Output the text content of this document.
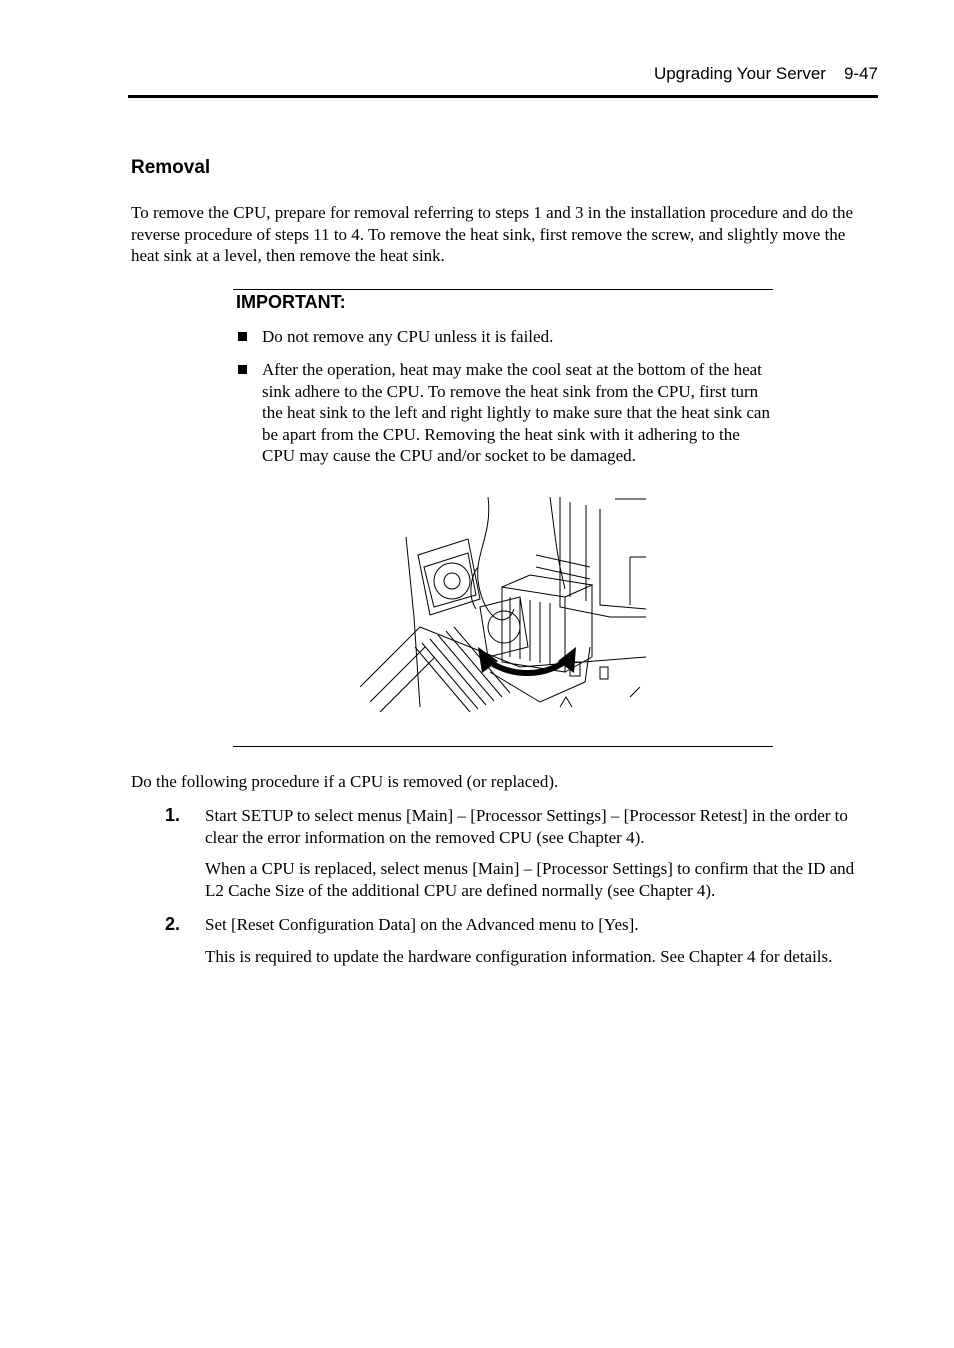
Upgrading Your Server 9-47
Removal

To remove the CPU, prepare for removal referring to steps 1 and 3 in the installation procedure and do the reverse procedure of steps 11 to 4. To remove the heat sink, first remove the screw, and slightly move the heat sink at a level, then remove the heat sink.

IMPORTANT:
Do not remove any CPU unless it is failed.
After the operation, heat may make the cool seat at the bottom of the heat sink adhere to the CPU. To remove the heat sink from the CPU, first turn the heat sink to the left and right lightly to make sure that the heat sink can be apart from the CPU. Removing the heat sink with it adhering to the CPU may cause the CPU and/or socket to be damaged.

Do the following procedure if a CPU is removed (or replaced).

1. Start SETUP to select menus [Main] – [Processor Settings] – [Processor Retest] in the order to clear the error information on the removed CPU (see Chapter 4).
When a CPU is replaced, select menus [Main] – [Processor Settings] to confirm that the ID and L2 Cache Size of the additional CPU are defined normally (see Chapter 4).
2. Set [Reset Configuration Data] on the Advanced menu to [Yes].
This is required to update the hardware configuration information. See Chapter 4 for details.
